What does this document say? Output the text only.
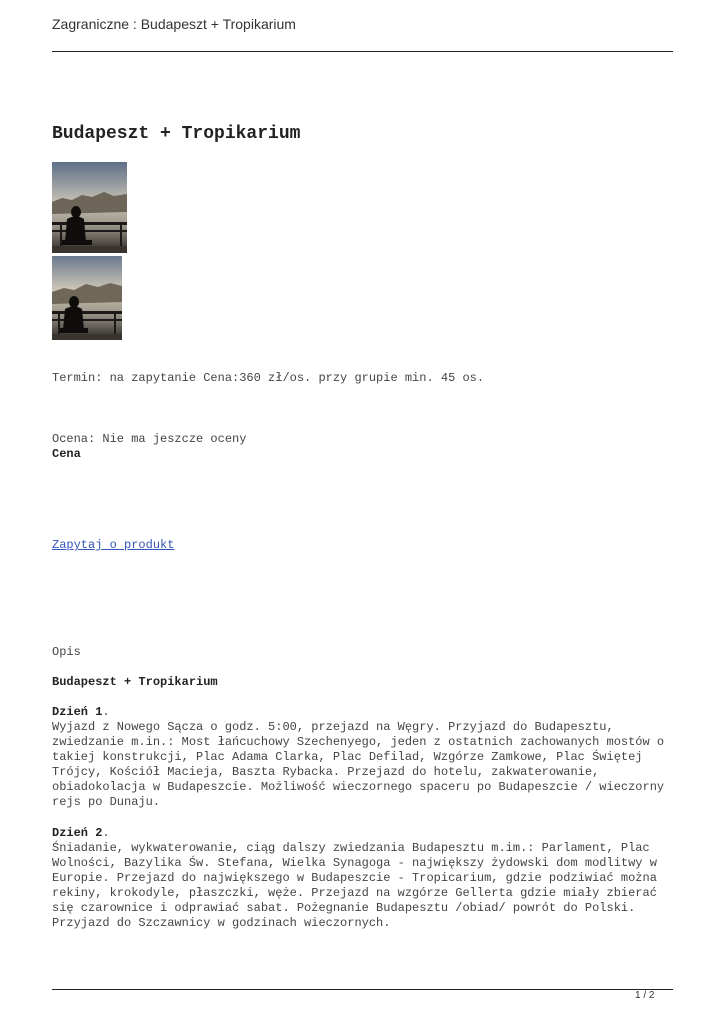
Zagraniczne : Budapeszt + Tropikarium
Budapeszt + Tropikarium
Termin: na zapytanie Cena:360 zł/os. przy grupie min. 45 os.
Ocena: Nie ma jeszcze oceny
Cena
Zapytaj o produkt
Opis
Budapeszt + Tropikarium
Dzień 1.
Wyjazd z Nowego Sącza o godz. 5:00, przejazd na Węgry. Przyjazd do Budapesztu, zwiedzanie m.in.: Most łańcuchowy Szechenyego, jeden z ostatnich zachowanych mostów o takiej konstrukcji, Plac Adama Clarka, Plac Defilad, Wzgórze Zamkowe, Plac Świętej Trójcy, Kościół Macieja, Baszta Rybacka. Przejazd do hotelu, zakwaterowanie, obiadokolacja w Budapeszcie. Możliwość wieczornego spaceru po Budapeszcie / wieczorny rejs po Dunaju.
Dzień 2.
Śniadanie, wykwaterowanie, ciąg dalszy zwiedzania Budapesztu m.im.: Parlament, Plac Wolności, Bazylika Św. Stefana, Wielka Synagoga - największy żydowski dom modlitwy w Europie. Przejazd do największego w Budapeszcie - Tropicarium, gdzie podziwiać można rekiny, krokodyle, płaszczki, węże. Przejazd na wzgórze Gellerta gdzie miały zbierać się czarownice i odprawiać sabat. Pożegnanie Budapesztu /obiad/ powrót do Polski. Przyjazd do Szczawnicy w godzinach wieczornych.
1 / 2
